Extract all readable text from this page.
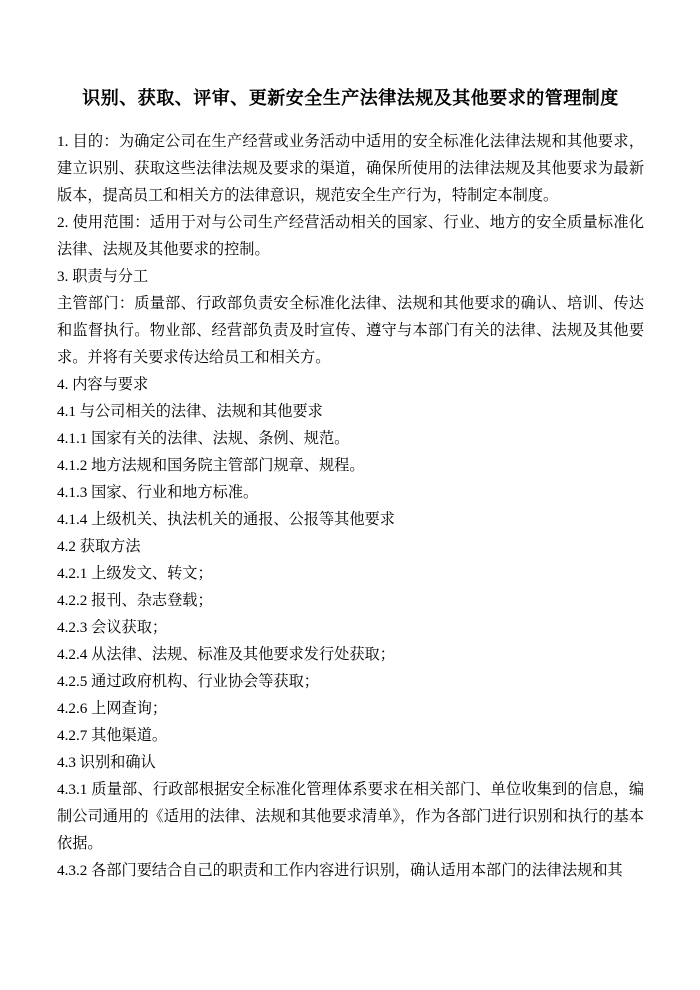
识别、获取、评审、更新安全生产法律法规及其他要求的管理制度

1. 目的：为确定公司在生产经营或业务活动中适用的安全标准化法律法规和其他要求，建立识别、获取这些法律法规及要求的渠道，确保所使用的法律法规及其他要求为最新版本，提高员工和相关方的法律意识，规范安全生产行为，特制定本制度。

2. 使用范围：适用于对与公司生产经营活动相关的国家、行业、地方的安全质量标准化法律、法规及其他要求的控制。

3. 职责与分工

主管部门：质量部、行政部负责安全标准化法律、法规和其他要求的确认、培训、传达和监督执行。物业部、经营部负责及时宣传、遵守与本部门有关的法律、法规及其他要求。并将有关要求传达给员工和相关方。

4. 内容与要求

4.1 与公司相关的法律、法规和其他要求

4.1.1 国家有关的法律、法规、条例、规范。

4.1.2 地方法规和国务院主管部门规章、规程。

4.1.3 国家、行业和地方标准。

4.1.4 上级机关、执法机关的通报、公报等其他要求

4.2 获取方法

4.2.1 上级发文、转文；

4.2.2 报刊、杂志登载；

4.2.3 会议获取；

4.2.4 从法律、法规、标准及其他要求发行处获取；

4.2.5 通过政府机构、行业协会等获取；

4.2.6 上网查询；

4.2.7 其他渠道。

4.3 识别和确认

4.3.1 质量部、行政部根据安全标准化管理体系要求在相关部门、单位收集到的信息，编制公司通用的《适用的法律、法规和其他要求清单》，作为各部门进行识别和执行的基本依据。

4.3.2 各部门要结合自己的职责和工作内容进行识别，确认适用本部门的法律法规和其
